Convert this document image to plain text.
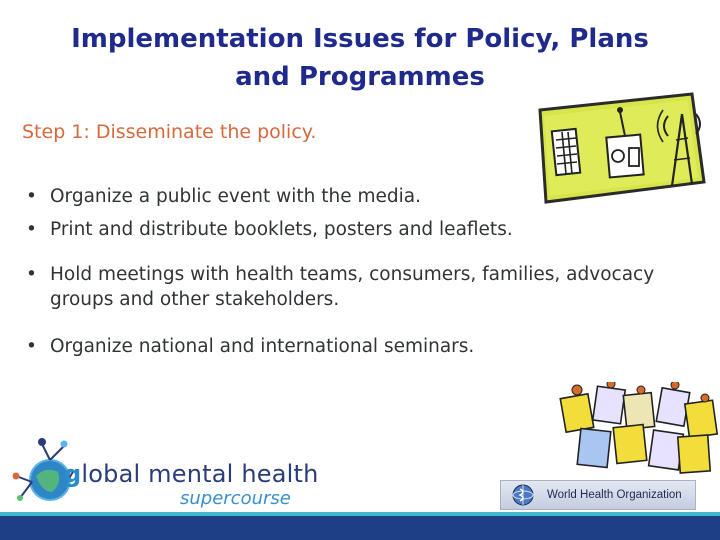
Implementation Issues for Policy, Plans
and Programmes
Step 1: Disseminate the policy.
• Organize a public event with the media.
• Print and distribute booklets, posters and leaflets.
• Hold meetings with health teams, consumers, families, advocacy groups and other stakeholders.
• Organize national and international seminars.
global mental health
supercourse	World Health Organization
